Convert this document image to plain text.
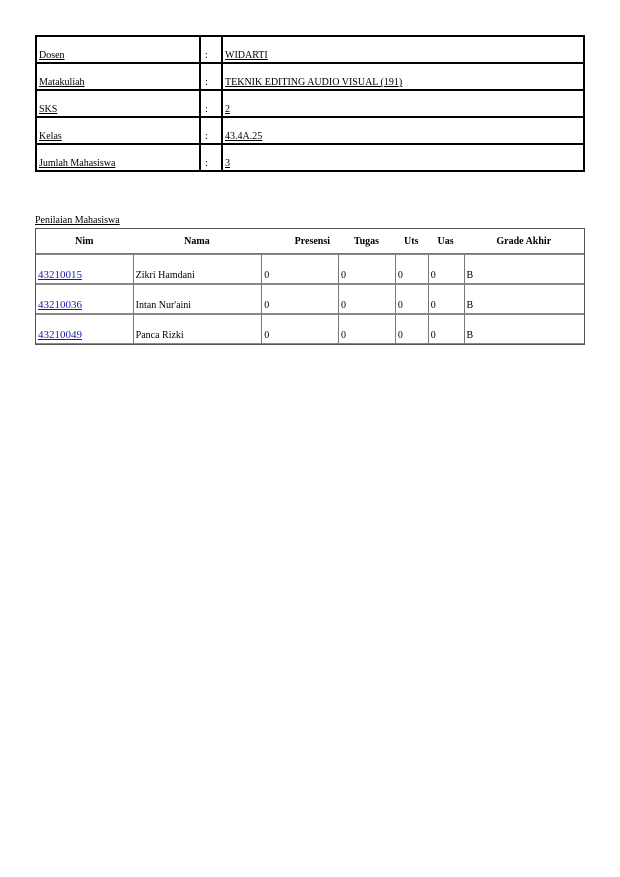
Dosen	:	WIDARTI
Matakuliah	:	TEKNIK EDITING AUDIO VISUAL (191)
SKS	:	2
Kelas	:	43.4A.25
Jumlah Mahasiswa	:	3
Penilaian Mahasiswa
Nim	Nama	Presensi	Tugas	Uts	Uas	Grade Akhir
43210015	Zikri Hamdani	0	0	0	0	B
43210036	Intan Nur'aini	0	0	0	0	B
43210049	Panca Rizki	0	0	0	0	B
